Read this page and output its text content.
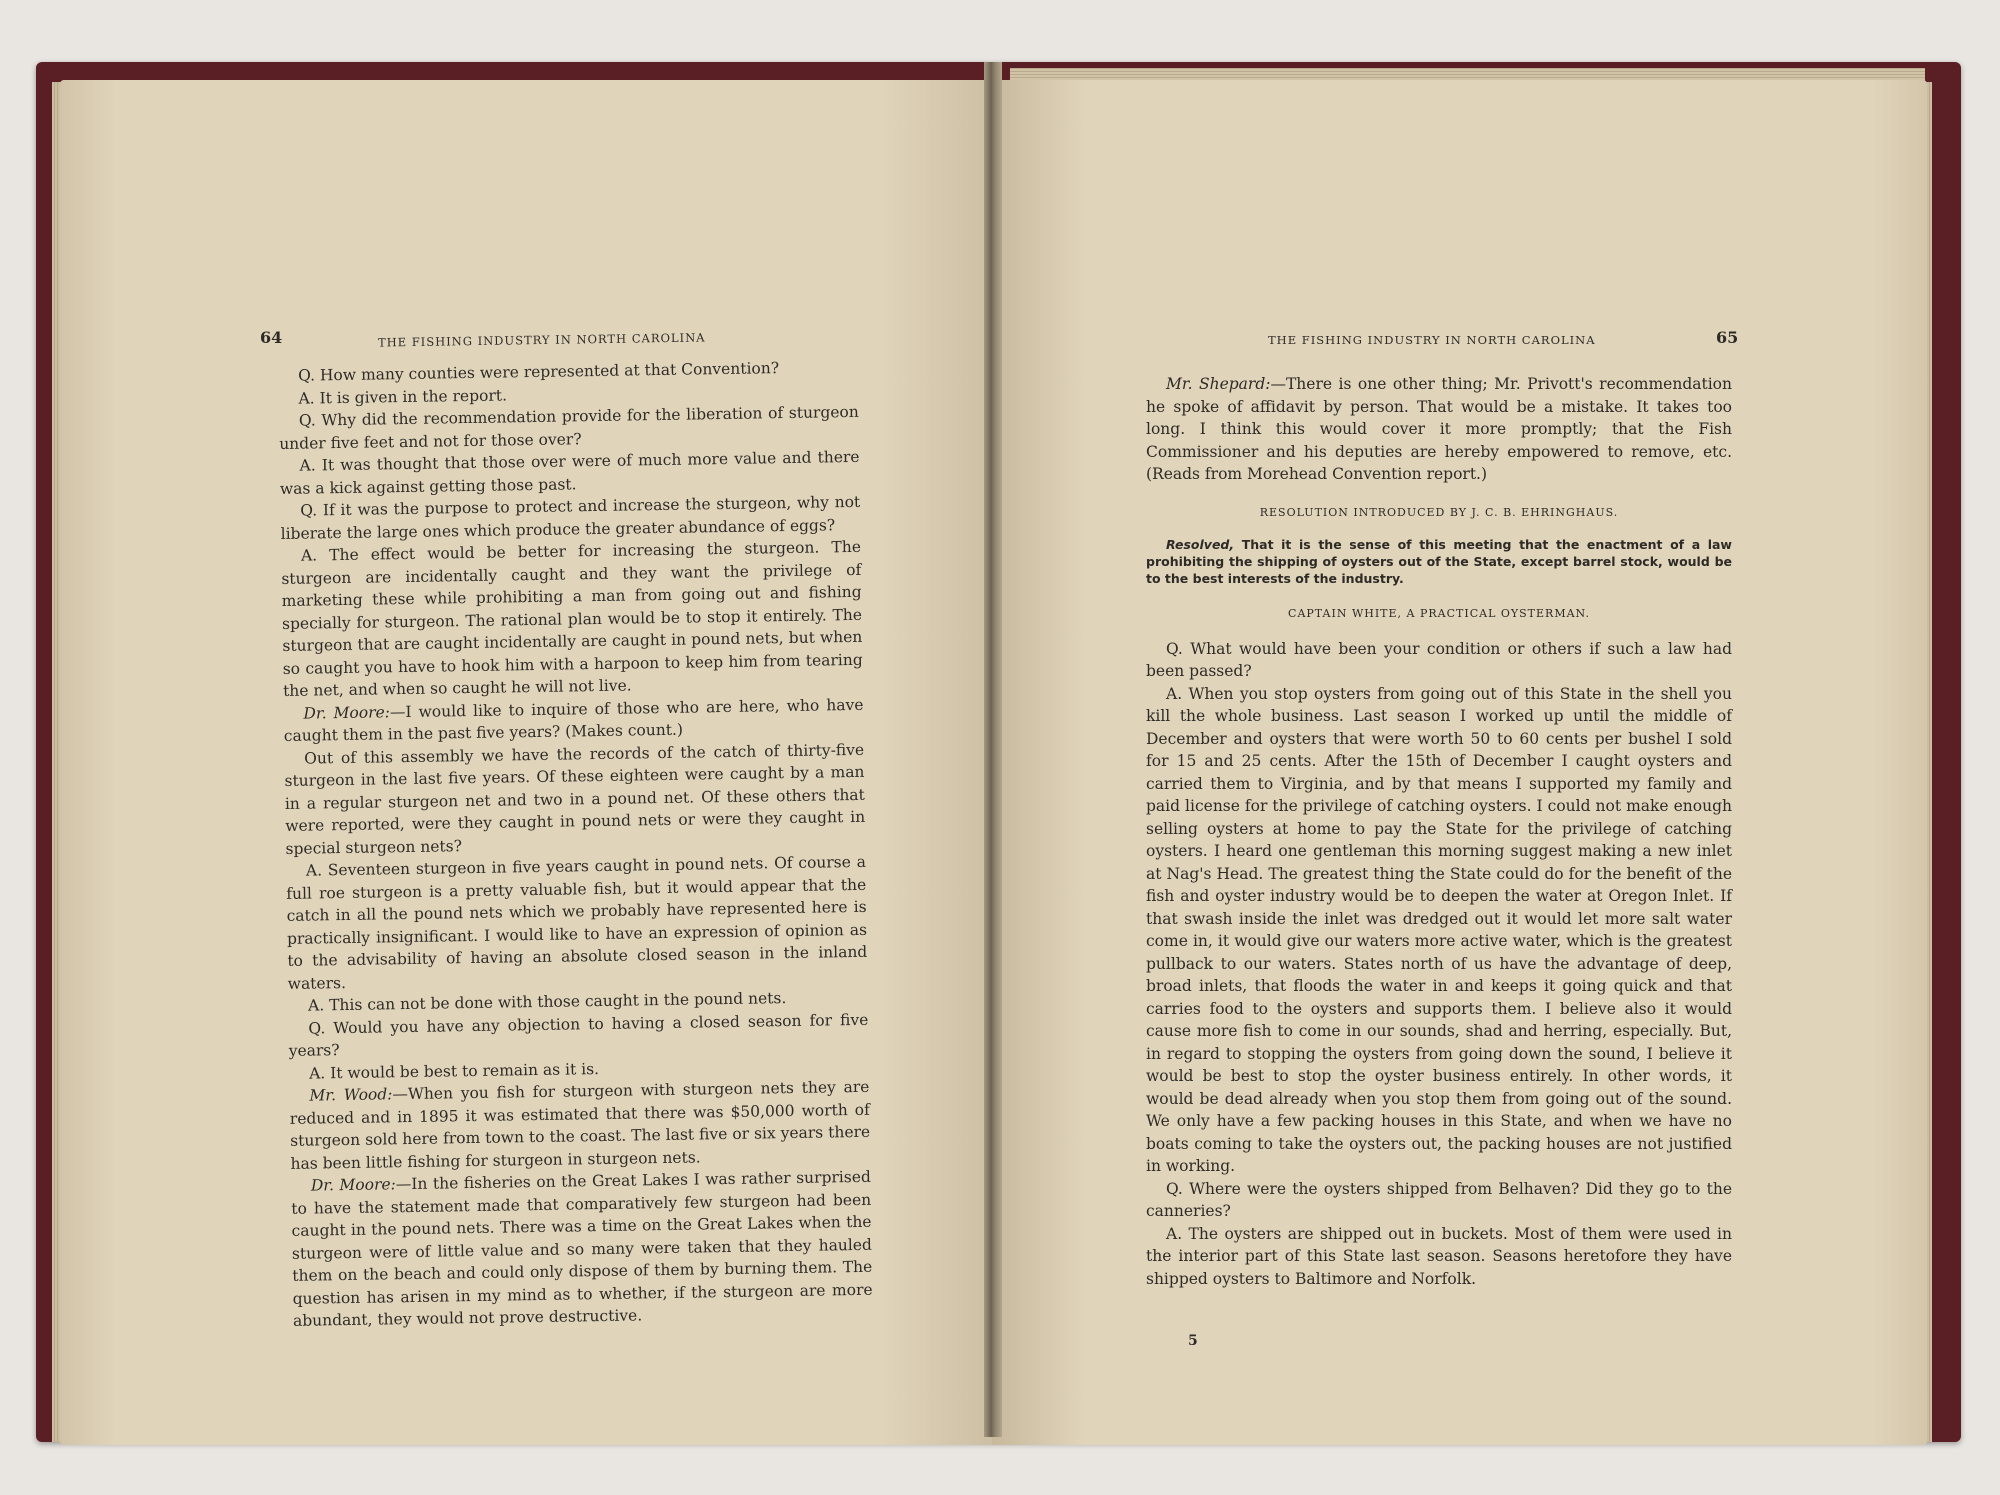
64	THE FISHING INDUSTRY IN NORTH CAROLINA

Q. How many counties were represented at that Convention?

A. It is given in the report.

Q. Why did the recommendation provide for the liberation of sturgeon under five feet and not for those over?

A. It was thought that those over were of much more value and there was a kick against getting those past.

Q. If it was the purpose to protect and increase the sturgeon, why not liberate the large ones which produce the greater abundance of eggs?

A. The effect would be better for increasing the sturgeon. The sturgeon are incidentally caught and they want the privilege of marketing these while prohibiting a man from going out and fishing specially for sturgeon. The rational plan would be to stop it entirely. The sturgeon that are caught incidentally are caught in pound nets, but when so caught you have to hook him with a harpoon to keep him from tearing the net, and when so caught he will not live.

Dr. Moore:—I would like to inquire of those who are here, who have caught them in the past five years? (Makes count.)

Out of this assembly we have the records of the catch of thirty-five sturgeon in the last five years. Of these eighteen were caught by a man in a regular sturgeon net and two in a pound net. Of these others that were reported, were they caught in pound nets or were they caught in special sturgeon nets?

A. Seventeen sturgeon in five years caught in pound nets. Of course a full roe sturgeon is a pretty valuable fish, but it would appear that the catch in all the pound nets which we probably have represented here is practically insignificant. I would like to have an expression of opinion as to the advisability of having an absolute closed season in the inland waters.

A. This can not be done with those caught in the pound nets.

Q. Would you have any objection to having a closed season for five years?

A. It would be best to remain as it is.

Mr. Wood:—When you fish for sturgeon with sturgeon nets they are reduced and in 1895 it was estimated that there was $50,000 worth of sturgeon sold here from town to the coast. The last five or six years there has been little fishing for sturgeon in sturgeon nets.

Dr. Moore:—In the fisheries on the Great Lakes I was rather surprised to have the statement made that comparatively few sturgeon had been caught in the pound nets. There was a time on the Great Lakes when the sturgeon were of little value and so many were taken that they hauled them on the beach and could only dispose of them by burning them. The question has arisen in my mind as to whether, if the sturgeon are more abundant, they would not prove destructive.

THE FISHING INDUSTRY IN NORTH CAROLINA	65

Mr. Shepard:—There is one other thing; Mr. Privott's recommendation he spoke of affidavit by person. That would be a mistake. It takes too long. I think this would cover it more promptly; that the Fish Commissioner and his deputies are hereby empowered to remove, etc. (Reads from Morehead Convention report.)

RESOLUTION INTRODUCED BY J. C. B. EHRINGHAUS.

Resolved, That it is the sense of this meeting that the enactment of a law prohibiting the shipping of oysters out of the State, except barrel stock, would be to the best interests of the industry.

CAPTAIN WHITE, A PRACTICAL OYSTERMAN.

Q. What would have been your condition or others if such a law had been passed?

A. When you stop oysters from going out of this State in the shell you kill the whole business. Last season I worked up until the middle of December and oysters that were worth 50 to 60 cents per bushel I sold for 15 and 25 cents. After the 15th of December I caught oysters and carried them to Virginia, and by that means I supported my family and paid license for the privilege of catching oysters. I could not make enough selling oysters at home to pay the State for the privilege of catching oysters. I heard one gentleman this morning suggest making a new inlet at Nag's Head. The greatest thing the State could do for the benefit of the fish and oyster industry would be to deepen the water at Oregon Inlet. If that swash inside the inlet was dredged out it would let more salt water come in, it would give our waters more active water, which is the greatest pullback to our waters. States north of us have the advantage of deep, broad inlets, that floods the water in and keeps it going quick and that carries food to the oysters and supports them. I believe also it would cause more fish to come in our sounds, shad and herring, especially. But, in regard to stopping the oysters from going down the sound, I believe it would be best to stop the oyster business entirely. In other words, it would be dead already when you stop them from going out of the sound. We only have a few packing houses in this State, and when we have no boats coming to take the oysters out, the packing houses are not justified in working.

Q. Where were the oysters shipped from Belhaven? Did they go to the canneries?

A. The oysters are shipped out in buckets. Most of them were used in the interior part of this State last season. Seasons heretofore they have shipped oysters to Baltimore and Norfolk.

5
